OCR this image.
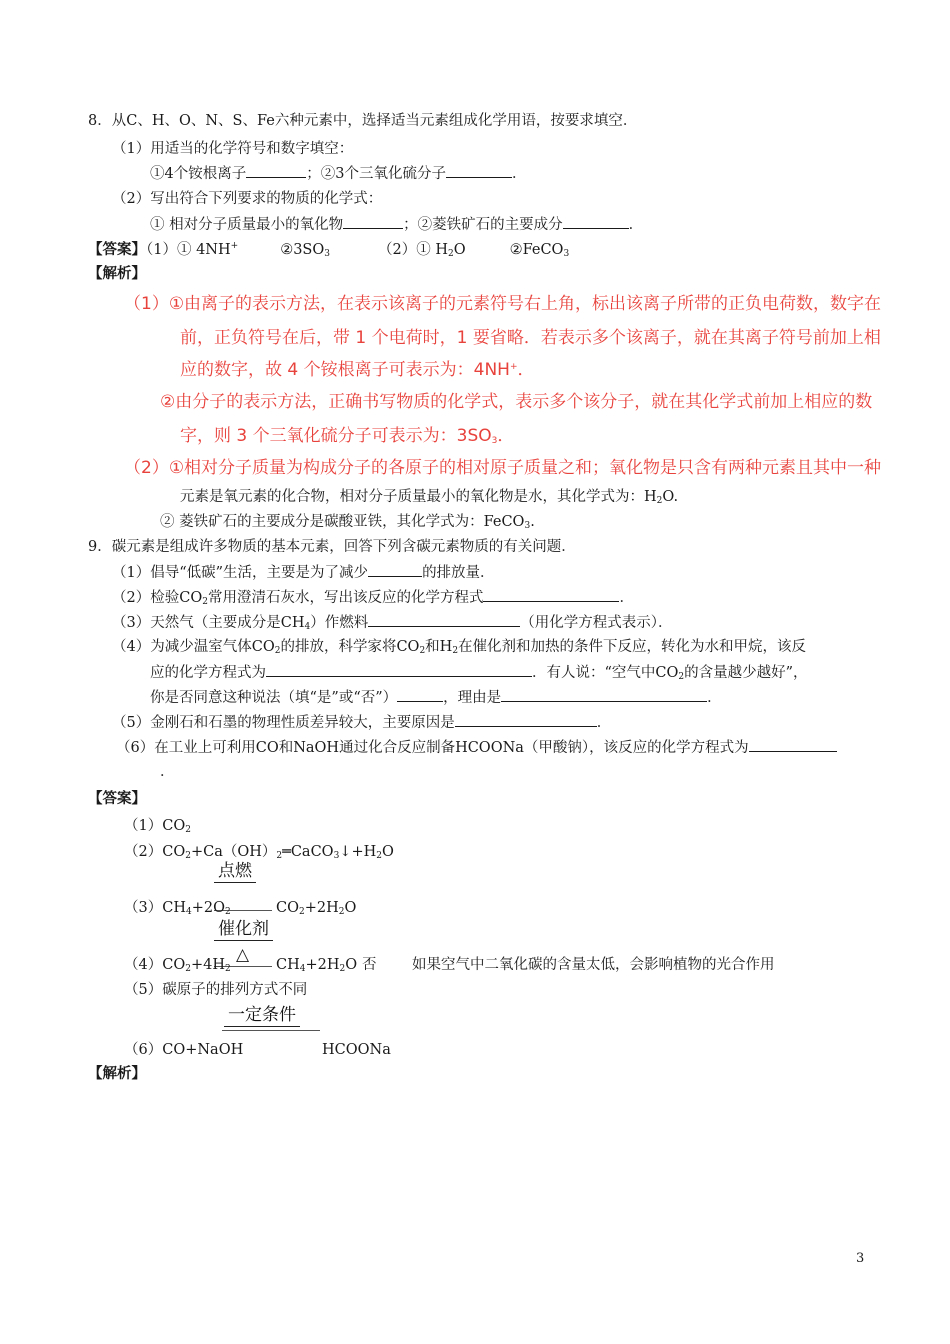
8．从C、H、O、N、S、Fe六种元素中，选择适当元素组成化学用语，按要求填空．
（1）用适当的化学符号和数字填空：
①4个铵根离子	；②3个三氧化硫分子	．
（2）写出符合下列要求的物质的化学式：
① 相对分子质量最小的氧化物	；②菱铁矿石的主要成分	．
【答案】（1）① 4NH+	$②3SO_3$	（2）① $H_2O$	②FeCO$_3$
【解析】
（1）①由离子的表示方法，在表示该离子的元素符号右上角，标出该离子所带的正负电荷数，数字在
前，正负符号在后，带 1 个电荷时，1 要省略．若表示多个该离子，就在其离子符号前加上相
应的数字，故 4 个铵根离子可表示为：4NH+．
②由分子的表示方法，正确书写物质的化学式，表示多个该分子，就在其化学式前加上相应的数
字，则 3 个三氧化硫分子可表示为：$3SO_3$．
（2）①相对分子质量为构成分子的各原子的相对原子质量之和；氧化物是只含有两种元素且其中一种
元素是氧元素的化合物，相对分子质量最小的氧化物是水，其化学式为：$H_2O$.
② 菱铁矿石的主要成分是碳酸亚铁，其化学式为：FeCO$_3$.
9．碳元素是组成许多物质的基本元素，回答下列含碳元素物质的有关问题．
（1）倡导“低碳”生活，主要是为了减少	的排放量．
（2）检验$CO_2$常用澄清石灰水，写出该反应的化学方程式	．
（3）天然气（主要成分是$CH_4$）作燃料	（用化学方程式表示）．
（4）为减少温室气体$CO_2$的排放，科学家将$CO_2$和$H_2$在催化剂和加热的条件下反应，转化为水和甲烷，该反
应的化学方程式为	．有人说：“空气中$CO_2$的含量越少越好”，
你是否同意这种说法（填“是”或“否”）	，理由是	．
（5）金刚石和石墨的物理性质差异较大，主要原因是	．
（6）在工业上可利用CO和NaOH通过化合反应制备HCOONa（甲酸钠），该反应的化学方程式为
．
【答案】
$(1)CO_2$
$(2)CO_2+Ca(OH)_2═CaCO_3↓+H_2O$
点燃
$(3)CH_4+2O_2$	$CO_2+2H_2O$
催化剂
△
$(4)CO_2+4H_2$	$CH_4+2H_2O$ 否 如果空气中二氧化碳的含量太低，会影响植物的光合作用
（5）碳原子的排列方式不同
一定条件
（6）CO+NaOH	HCOONa
【解析】
3
